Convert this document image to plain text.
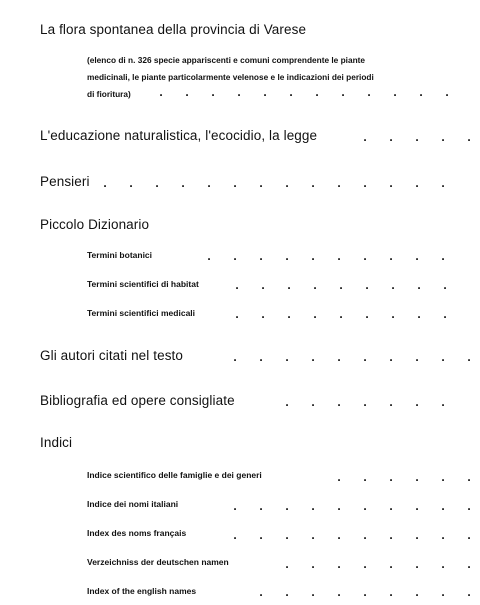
La flora spontanea della provincia di Varese
(elenco di n. 326 specie appariscenti e comuni comprendente le piante
medicinali, le piante particolarmente velenose e le indicazioni dei periodi
di fioritura)	. . . . . . . . . . . .
L'educazione naturalistica, l'ecocidio, la legge	. . . . .
Pensieri	. . . . . . . . . . . . . .
Piccolo Dizionario
Termini botanici	. . . . . . . . . .
Termini scientifici di habitat	. . . . . . . . .
Termini scientifici medicali	. . . . . . . . .
Gli autori citati nel testo	. . . . . . . . . .
Bibliografia ed opere consigliate	. . . . . . .
Indici
Indice scientifico delle famiglie e dei generi	. . . . . .
Indice dei nomi italiani	. . . . . . . . . .
Index des noms français	. . . . . . . . . .
Verzeichniss der deutschen namen	. . . . . . . .
Index of the english names	. . . . . . . . .
